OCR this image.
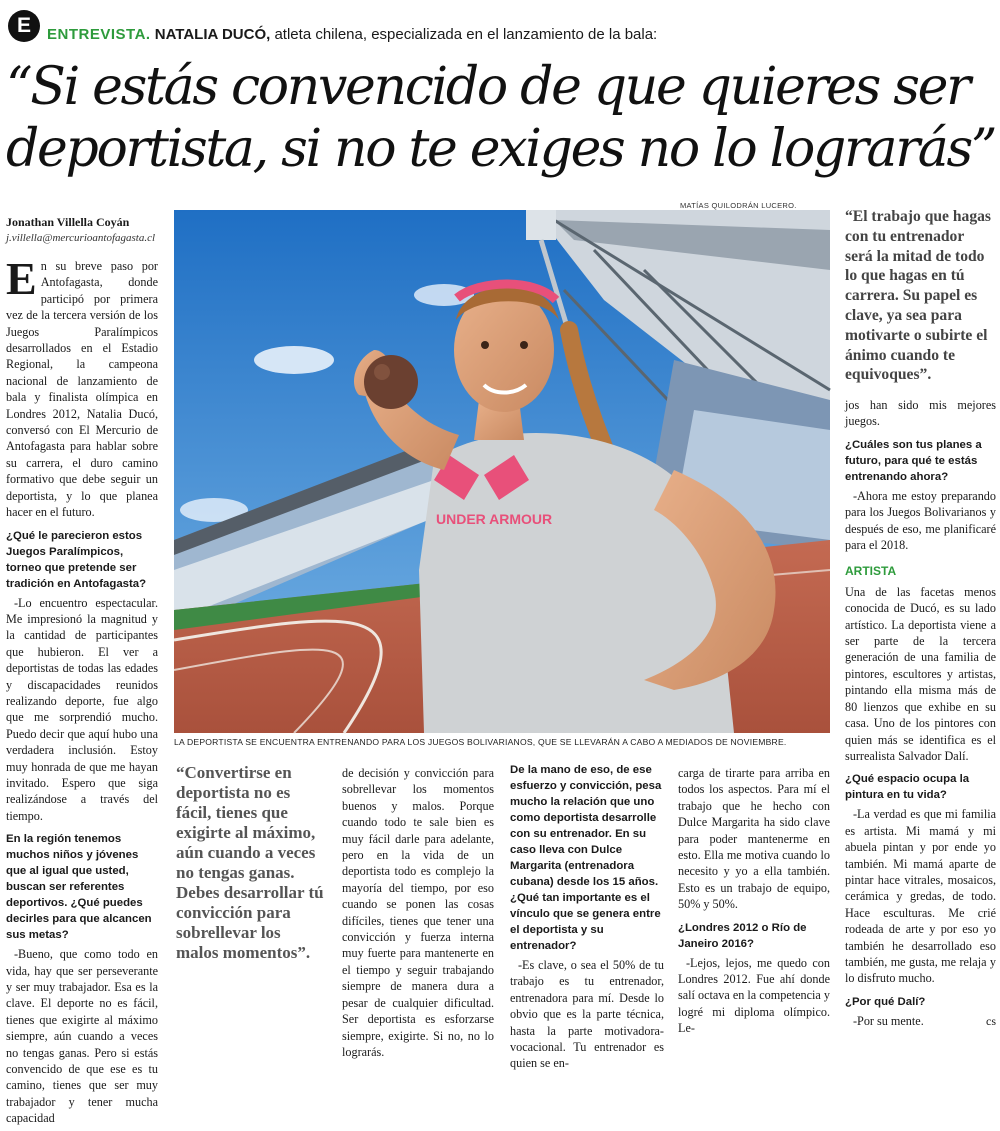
E	ENTREVISTA. NATALIA DUCÓ, atleta chilena, especializada en el lanzamiento de la bala:
“Si estás convencido de que quieres ser deportista, si no te exiges no lo lograrás”
Jonathan Villella Coyán
j.villella@mercurioantofagasta.cl

En su breve paso por Antofagasta, donde participó por primera vez de la tercera versión de los Juegos Paralímpicos desarrollados en el Estadio Regional, la campeona nacional de lanzamiento de bala y finalista olímpica en Londres 2012, Natalia Ducó, conversó con El Mercurio de Antofagasta para hablar sobre su carrera, el duro camino formativo que debe seguir un deportista, y lo que planea hacer en el futuro.

¿Qué le parecieron estos Juegos Paralímpicos, torneo que pretende ser tradición en Antofagasta?

-Lo encuentro espectacular. Me impresionó la magnitud y la cantidad de participantes que hubieron. El ver a deportistas de todas las edades y discapacidades reunidos realizando deporte, fue algo que me sorprendió mucho. Puedo decir que aquí hubo una verdadera inclusión. Estoy muy honrada de que me hayan invitado. Espero que siga realizándose a través del tiempo.

En la región tenemos muchos niños y jóvenes que al igual que usted, buscan ser referentes deportivos. ¿Qué puedes decirles para que alcancen sus metas?

-Bueno, que como todo en vida, hay que ser perseverante y ser muy trabajador. Esa es la clave. El deporte no es fácil, tienes que exigirte al máximo siempre, aún cuando a veces no tengas ganas. Pero si estás convencido de que ese es tu camino, tienes que ser muy trabajador y tener mucha capacidad

MATÍAS QUILODRÁN LUCERO.
UNDER ARMOUR
LA DEPORTISTA SE ENCUENTRA ENTRENANDO PARA LOS JUEGOS BOLIVARIANOS, QUE SE LLEVARÁN A CABO A MEDIADOS DE NOVIEMBRE.
“El trabajo que hagas con tu entrenador será la mitad de todo lo que hagas en tú carrera. Su papel es clave, ya sea para motivarte o subirte el ánimo cuando te equivoques”.
“Convertirse en deportista no es fácil, tienes que exigirte al máximo, aún cuando a veces no tengas ganas. Debes desarrollar tú convicción para sobrellevar los malos momentos”.

de decisión y convicción para sobrellevar los momentos buenos y malos. Porque cuando todo te sale bien es muy fácil darle para adelante, pero en la vida de un deportista todo es complejo la mayoría del tiempo, por eso cuando se ponen las cosas difíciles, tienes que tener una convicción y fuerza interna muy fuerte para mantenerte en el tiempo y seguir trabajando siempre de manera dura a pesar de cualquier dificultad. Ser deportista es esforzarse siempre, exigirte. Si no, no lo lograrás.

De la mano de eso, de ese esfuerzo y convicción, pesa mucho la relación que uno como deportista desarrolle con su entrenador. En su caso lleva con Dulce Margarita (entrenadora cubana) desde los 15 años. ¿Qué tan importante es el vínculo que se genera entre el deportista y su entrenador?

-Es clave, o sea el 50% de tu trabajo es tu entrenador, entrenadora para mí. Desde lo obvio que es la parte técnica, hasta la parte motivadora-vocacional. Tu entrenador es quien se en-

carga de tirarte para arriba en todos los aspectos. Para mí el trabajo que he hecho con Dulce Margarita ha sido clave para poder mantenerme en esto. Ella me motiva cuando lo necesito y yo a ella también. Esto es un trabajo de equipo, 50% y 50%.

¿Londres 2012 o Río de Janeiro 2016?

-Lejos, lejos, me quedo con Londres 2012. Fue ahí donde salí octava en la competencia y logré mi diploma olímpico. Le-

jos han sido mis mejores juegos.

¿Cuáles son tus planes a futuro, para qué te estás entrenando ahora?

-Ahora me estoy preparando para los Juegos Bolivarianos y después de eso, me planificaré para el 2018.

ARTISTA

Una de las facetas menos conocida de Ducó, es su lado artístico. La deportista viene a ser parte de la tercera generación de una familia de pintores, escultores y artistas, pintando ella misma más de 80 lienzos que exhibe en su casa. Uno de los pintores con quien más se identifica es el surrealista Salvador Dalí.

¿Qué espacio ocupa la pintura en tu vida?

-La verdad es que mi familia es artista. Mi mamá y mi abuela pintan y por ende yo también. Mi mamá aparte de pintar hace vitrales, mosaicos, cerámica y gredas, de todo. Hace esculturas. Me crié rodeada de arte y por eso yo también he desarrollado eso también, me gusta, me relaja y lo disfruto mucho.

¿Por qué Dalí?

-Por su mente.	cs
